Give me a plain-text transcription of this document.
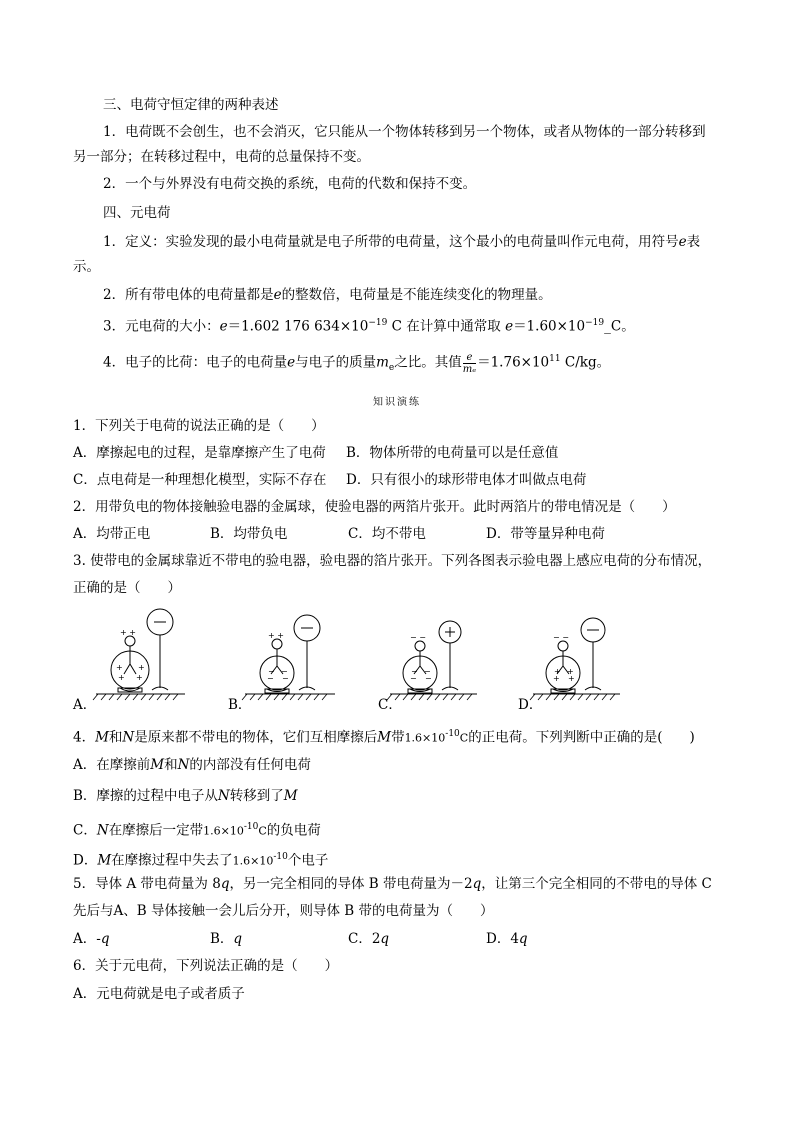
三、电荷守恒定律的两种表述
1．电荷既不会创生，也不会消灭，它只能从一个物体转移到另一个物体，或者从物体的一部分转移到
另一部分；在转移过程中，电荷的总量保持不变。
2．一个与外界没有电荷交换的系统，电荷的代数和保持不变。
四、元电荷
1．定义：实验发现的最小电荷量就是电子所带的电荷量，这个最小的电荷量叫作元电荷，用符号e表
示。
2．所有带电体的电荷量都是e的整数倍，电荷量是不能连续变化的物理量。
3．元电荷的大小：e＝1.602 176 $634\times 10^{-19}$ C 在计算中通常取 $e=1.60\times 10^{-19}\_C$。
4．电子的比荷：电子的电荷量e与电子的质量$m_e$之比。其值 $\frac{e}{\text{mₑ}} =1.76\times 10^{11}$ C/kg。
知识演练
1．下列关于电荷的说法正确的是（　　）
A．摩擦起电的过程，是靠摩擦产生了电荷 B．物体所带的电荷量可以是任意值
C．点电荷是一种理想化模型，实际不存在 D．只有很小的球形带电体才叫做点电荷
2．用带负电的物体接触验电器的金属球，使验电器的两箔片张开。此时两箔片的带电情况是（　　）
A．均带正电	B．均带负电	C．均不带电	D．带等量异种电荷
3. 使带电的金属球靠近不带电的验电器，验电器的箔片张开。下列各图表示验电器上感应电荷的分布情况，
正确的是（　　）
+ +
+ +
+ +
A．
+ +
− −
− −
B．
− −
− −
− −
C．
− −
+ +
+ +
D．
4．M和N是原来都不带电的物体，它们互相摩擦后M带$1.6\times 10^{-10}C$的正电荷。下列判断中正确的是(　　)
A．在摩擦前M和N的内部没有任何电荷
B．摩擦的过程中电子从N转移到了M
C．N在摩擦后一定带$1.6\times 10^{-10}C$的负电荷
D．M在摩擦过程中失去了$1.6\times 10^{-10}$个电子
5．导体 A 带电荷量为 8q，另一完全相同的导体 B 带电荷量为－2q，让第三个完全相同的不带电的导体 C
先后与A、B 导体接触一会儿后分开，则导体 B 带的电荷量为（　　）
A．-q	B．q	C．2q	D．4q
6．关于元电荷，下列说法正确的是（　　）
A．元电荷就是电子或者质子
